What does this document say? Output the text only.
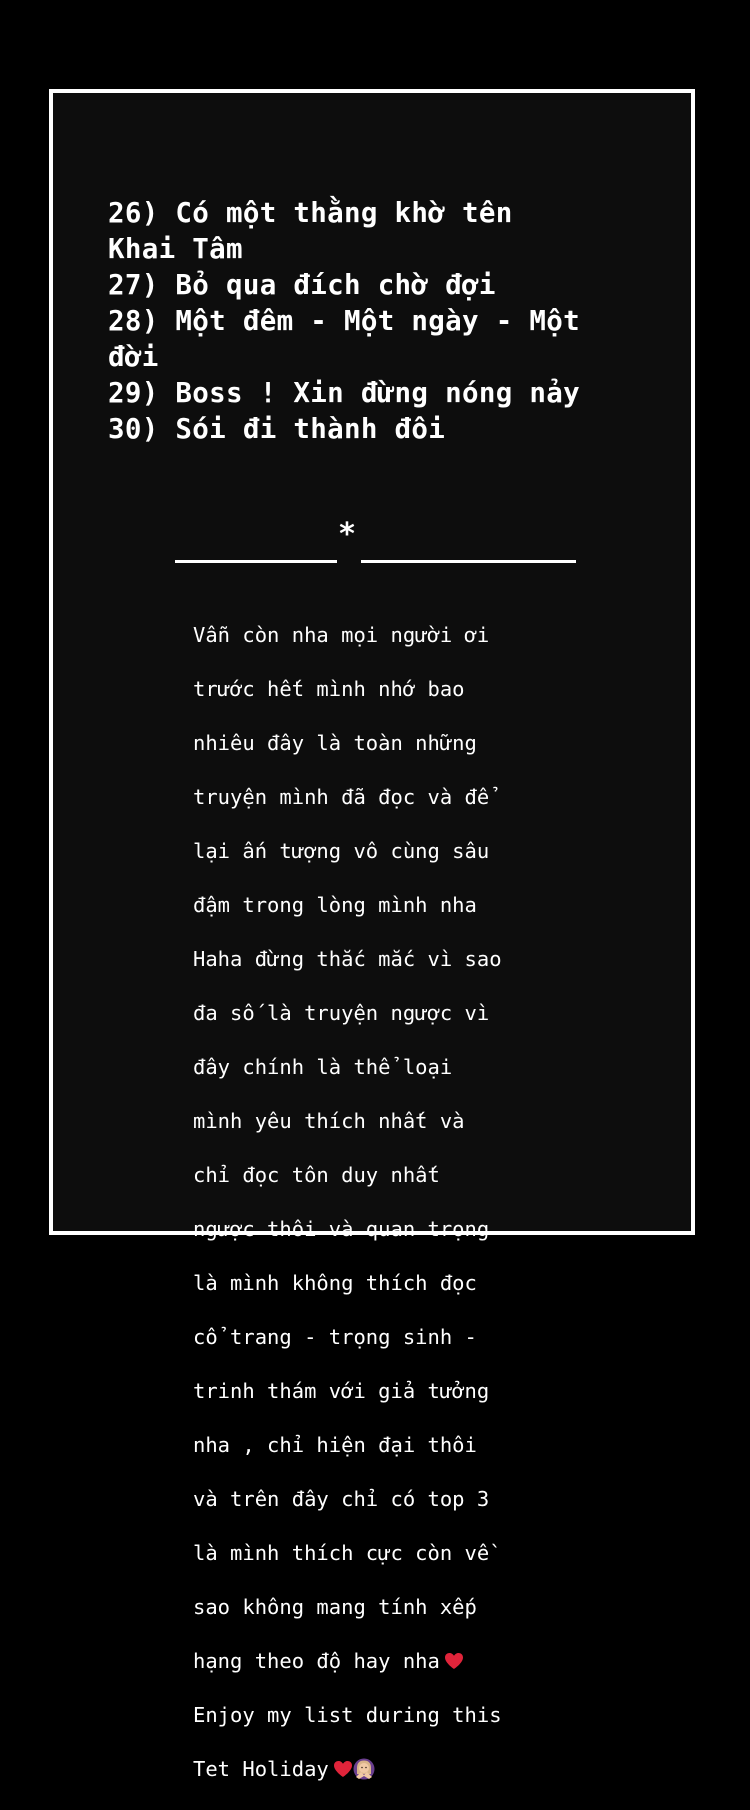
26) Có một thằng khờ tên Khai Tâm
27) Bỏ qua đích chờ đợi
28) Một đêm - Một ngày - Một đời
29) Boss ! Xin đừng nóng nảy
30) Sói đi thành đôi
*

Vẫn còn nha mọi người ơi

trước hết mình nhớ bao

nhiêu đây là toàn những

truyện mình đã đọc và để

lại ấn tượng vô cùng sâu

đậm trong lòng mình nha

Haha đừng thắc mắc vì sao

đa số là truyện ngược vì

đây chính là thể loại

mình yêu thích nhất và

chỉ đọc tôn duy nhất

ngược thôi và quan trọng

là mình không thích đọc

cổ trang - trọng sinh -

trinh thám với giả tưởng

nha , chỉ hiện đại thôi

và trên đây chỉ có top 3

là mình thích cực còn về

sao không mang tính xếp

hạng theo độ hay nha

Enjoy my list during this

Tet Holiday
